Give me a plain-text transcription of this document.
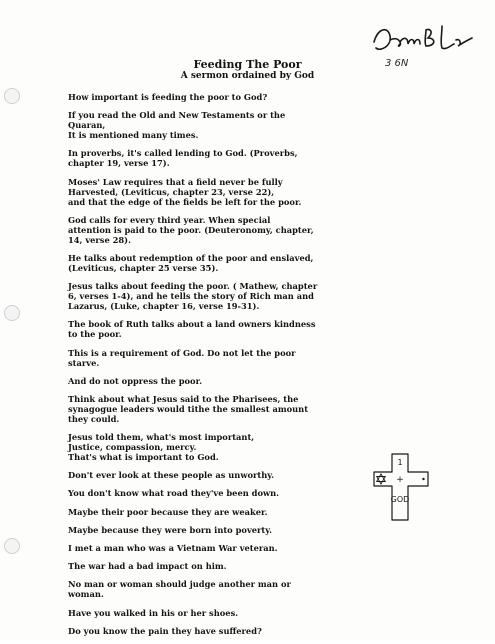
3 6N
Feeding The Poor
A sermon ordained by God

How important is feeding the poor to God?

If you read the Old and New Testaments or the
Quaran,
It is mentioned many times.

In proverbs, it's called lending to God. (Proverbs,
chapter 19, verse 17).

Moses' Law requires that a field never be fully
Harvested, (Leviticus, chapter 23, verse 22),
and that the edge of the fields be left for the poor.

God calls for every third year. When special
attention is paid to the poor. (Deuteronomy, chapter,
14, verse 28).

He talks about redemption of the poor and enslaved,
(Leviticus, chapter 25 verse 35).

Jesus talks about feeding the poor. ( Mathew, chapter
6, verses 1-4), and he tells the story of Rich man and
Lazarus, (Luke, chapter 16, verse 19-31).

The book of Ruth talks about a land owners kindness
to the poor.

This is a requirement of God. Do not let the poor
starve.

And do not oppress the poor.

Think about what Jesus said to the Pharisees, the
synagogue leaders would tithe the smallest amount
they could.

Jesus told them, what's most important,
Justice, compassion, mercy.
That's what is important to God.

Don't ever look at these people as unworthy.

You don't know what road they've been down.

Maybe their poor because they are weaker.

Maybe because they were born into poverty.

I met a man who was a Vietnam War veteran.

The war had a bad impact on him.

No man or woman should judge another man or
woman.

Have you walked in his or her shoes.

Do you know the pain they have suffered?

1
+
GOD
